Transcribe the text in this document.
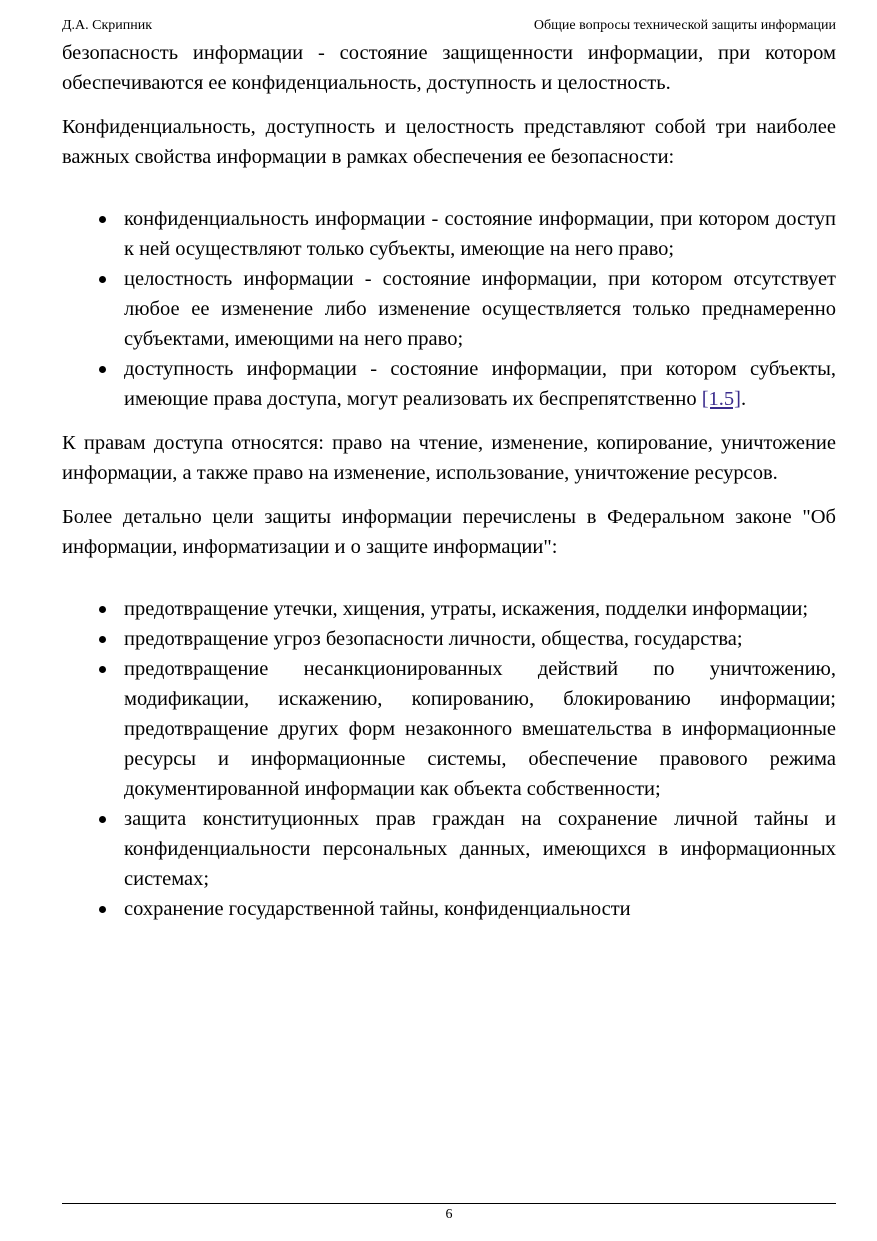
Д.А. Скрипник	Общие вопросы технической защиты информации

безопасность информации - состояние защищенности информации, при котором обеспечиваются ее конфиденциальность, доступность и целостность.

Конфиденциальность, доступность и целостность представляют собой три наиболее важных свойства информации в рамках обеспечения ее безопасности:

конфиденциальность информации - состояние информации, при котором доступ к ней осуществляют только субъекты, имеющие на него право;
целостность информации - состояние информации, при котором отсутствует любое ее изменение либо изменение осуществляется только преднамеренно субъектами, имеющими на него право;
доступность информации - состояние информации, при котором субъекты, имеющие права доступа, могут реализовать их беспрепятственно [1.5].

К правам доступа относятся: право на чтение, изменение, копирование, уничтожение информации, а также право на изменение, использование, уничтожение ресурсов.

Более детально цели защиты информации перечислены в Федеральном законе "Об информации, информатизации и о защите информации":

предотвращение утечки, хищения, утраты, искажения, подделки информации;
предотвращение угроз безопасности личности, общества, государства;
предотвращение несанкционированных действий по уничтожению, модификации, искажению, копированию, блокированию информации; предотвращение других форм незаконного вмешательства в информационные ресурсы и информационные системы, обеспечение правового режима документированной информации как объекта собственности;
защита конституционных прав граждан на сохранение личной тайны и конфиденциальности персональных данных, имеющихся в информационных системах;
сохранение государственной тайны, конфиденциальности
6
